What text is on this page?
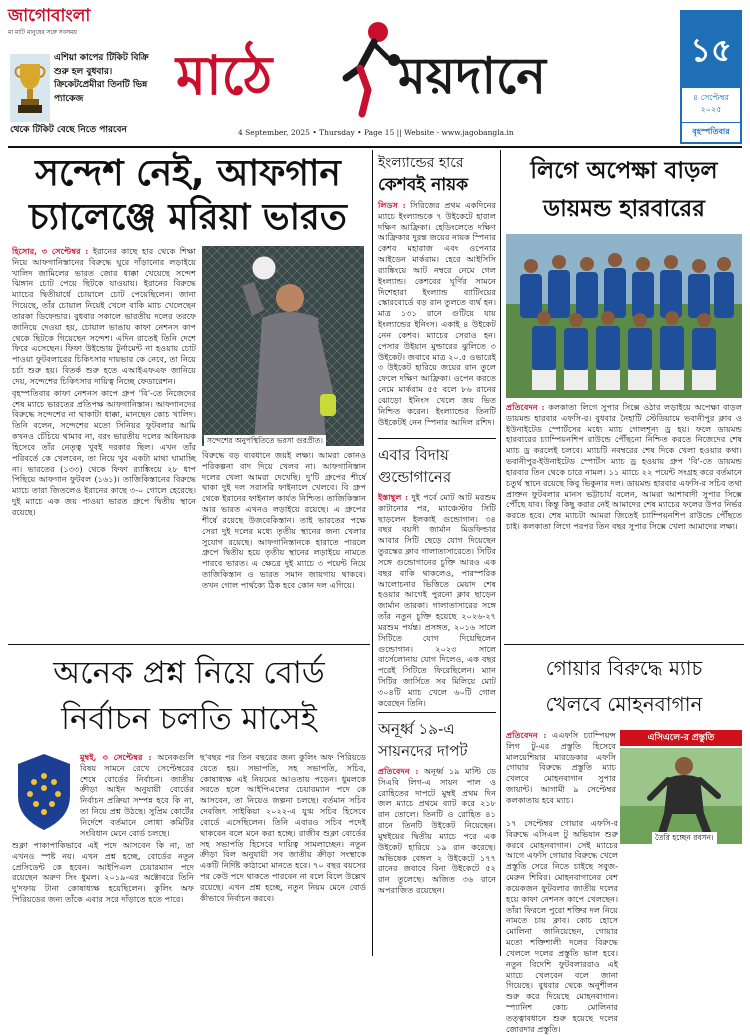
জাগোবাংলা
মা মাটি মানুষের সঙ্গে সবসময়
এশিয়া কাপের টিকিট বিক্রি শুরু হল বুধবার। ক্রিকেটপ্রেমীরা তিনটি ভিন্ন প্যাকেজ
থেকে টিকিট বেছে নিতে পারবেন
মাঠে	ময়দানে
4 September, 2025 • Thursday • Page 15 || Website - www.jagobangla.in
১৫
৪ সেপ্টেম্বর ২০২৫
বৃহস্পতিবার
সন্দেশ নেই, আফগান
চ্যালেঞ্জে মরিয়া ভারত

হিসোর, ৩ সেপ্টেম্বর : ইরানের কাছে হার থেকে শিক্ষা নিয়ে আফগানিস্তানের বিরুদ্ধে ঘুরে দাঁড়ানোর লড়াইয়ে খালিদ জামিলের ভারত জোর ধাক্কা খেয়েছে সন্দেশ ঝিঙ্গান চোট পেয়ে ছিটকে যাওয়ায়। ইরানের বিরুদ্ধে ম্যাচের দ্বিতীয়ার্ধে চোয়ালে চোট পেয়েছিলেন। জানা গিয়েছে, তাঁর চোয়াল নিয়েই খেলে বাকি ম্যাচ খেলেছেন তারকা ডিফেন্ডার। বুধবার সকালে ভারতীয় দলের তরফে জানিয়ে দেওয়া হয়, চোয়াল ভাঙায় কাফা নেশনস কাপ থেকে ছিটকে গিয়েছেন সন্দেশ। এদিন রাতেই তিনি দেশে ফিরে এসেছেন। ফিফা উইন্ডোয় টুর্নামেন্ট না হওয়ায় চোট পাওয়া ফুটবলারের চিকিৎসার দায়ভার কে নেবে, তা নিয়ে চর্চা শুরু হয়। বিতর্ক শুরু হতে এআইএফএফ জানিয়ে দেয়, সন্দেশের চিকিৎসার দায়িত্ব নিচ্ছে ফেডারেশন।

বৃহস্পতিবার কাফা নেশনস কাপে গ্রুপ 'বি'-তে নিজেদের শেষ ম্যাচে ভারতের প্রতিপক্ষ আফগানিস্তান। আফগানদের বিরুদ্ধে সন্দেশের না থাকাটা ধাক্কা, মানছেন কোচ খালিদ। তিনি বলেন, সন্দেশের মতো সিনিয়র ফুটবলার আমি কখনও চেঁচিয়ে থামাব না, বরং ভারতীয় দলের অধিনায়ক হিসেবে তাঁর নেতৃত্ব খুবই দরকার ছিল। এখন তাঁর পরিবর্তে কে খেলবেন, তা নিয়ে খুব একটা মাথা ঘামাচ্ছি না। ভারতের (১৩৩) থেকে ফিফা র‍্যাঙ্কিংয়ে ২৮ ধাপ পিছিয়ে আফগান ফুটবল (১৬১)। তাজিকিস্তানের বিরুদ্ধে ম্যাচে তারা জিতলেও ইরানের কাছে ৩-০ গোলে হেরেছে। দুই ম্যাচে এক জয় পাওয়া ভারত গ্রুপে দ্বিতীয় স্থানে রয়েছে।

সন্দেশের অনুপস্থিতিতে ভরসা গুরপ্রীত।
বিরুদ্ধে বড় ব্যবধানে জয়ই লক্ষ্য। আমরা কোনও পরিকল্পনা বাদ দিয়ে খেলব না। আফগানিস্তান দলের খেলা আমরা দেখেছি। দু'টি গ্রুপের শীর্ষে থাকা দুই দল সরাসরি ফাইনালে খেলবে। বি গ্রুপ থেকে ইরানের ফাইনাল কার্যত নিশ্চিত। তাজিকিস্তান আর ভারত এখনও লড়াইয়ে রয়েছে। এ গ্রুপের শীর্ষে রয়েছে উজবেকিস্তান। তাই ভারতের পক্ষে সেরা দুই দলের মধ্যে তৃতীয় স্থানের জন্য খেলার সুযোগ রয়েছে। আফগানিস্তানকে হারাতে পারলে গ্রুপে দ্বিতীয় হয়ে তৃতীয় স্থানের লড়াইয়ে নামতে পারবে ভারত। এ ক্ষেত্রে দুই ম্যাচে ৩ পয়েন্ট নিয়ে তাজিকিস্তান ও ভারত সমান জায়গায় থাকবে। তখন গোল পার্থক্যে ঠিক হবে কোন দল এগিয়ে।
অনেক প্রশ্ন নিয়ে বোর্ড
নির্বাচন চলতি মাসেই

মুম্বই, ৩ সেপ্টেম্বর : অনেকগুলি বিষয় সামনে রেখে সেপ্টেম্বরের শেষে বোর্ডের নির্বাচন। জাতীয় ক্রীড়া আইন অনুযায়ী বোর্ডের নির্বাচন প্রক্রিয়া সম্পন্ন হবে কি না, তা নিয়ে প্রশ্ন উঠছে। সুপ্রিম কোর্টের নির্দেশে বর্তমানে লোধা কমিটির সংবিধান মেনে বোর্ড চলছে।

শুক্লা পাকাপাকিভাবে এই পদে আসবেন কি না, তা এখনও স্পষ্ট নয়। এখন প্রশ্ন হচ্ছে, বোর্ডের নতুন প্রেসিডেন্ট কে হবেন। আইপিএল চেয়ারম্যান পদে রয়েছেন অরুণ সিং ধুমল। ২০১৯-এর অক্টোবরে তিনি দু'দফায় টানা কোষাধ্যক্ষ হয়েছিলেন। কুলিং অফ পিরিয়ডের জন্য তাঁকে এবার সরে দাঁড়াতে হতে পারে।
ছ'বছর পর তিন বছরের জন্য কুলিং অফ পিরিয়ডে যেতে হয়। সভাপতি, সহ সভাপতি, সচিব, কোষাধ্যক্ষ এই নিয়মের আওতায় পড়েন। ধুমলকে সরতে হলে আইপিএলের চেয়ারম্যান পদে কে আসবেন, তা নিয়েও জল্পনা চলছে। বর্তমান সচিব দেবজিৎ সাইকিয়া ২০২২-এ যুগ্ম সচিব হিসেবে বোর্ডে এসেছিলেন। তিনি এবারও সচিব পদেই থাকবেন বলে মনে করা হচ্ছে। রাজীব শুক্লা বোর্ডের সহ সভাপতি হিসেবে দায়িত্ব সামলাচ্ছেন। নতুন ক্রীড়া বিল অনুযায়ী সব জাতীয় ক্রীড়া সংস্থাকে একটি নির্দিষ্ট কাঠামো মানতে হবে। ৭০ বছর বয়সের পর কেউ পদে থাকতে পারবেন না বলে বিলে উল্লেখ রয়েছে। এখন প্রশ্ন হচ্ছে, নতুন নিয়ম মেনে বোর্ড কীভাবে নির্বাচন করবে।
ইংল্যান্ডের হারে
কেশবই নায়ক

লিডস : সিরিজের প্রথম একদিনের ম্যাচে ইংল্যান্ডকে ৭ উইকেটে হারাল দক্ষিণ আফ্রিকা। হেডিংলেতে দক্ষিণ আফ্রিকার দুরন্ত জয়ের নায়ক স্পিনার কেশব মহারাজ এবং ওপেনার আইডেন মার্করাম। হেরে আইসিসি র‍্যাঙ্কিংয়ে আট নম্বরে নেমে গেল ইংল্যান্ড। কেশবের ঘূর্ণির সামনে দিশেহারা ইংল্যান্ড ব্যাটিংয়ের স্কোরবোর্ডে বড় রান তুলতে ব্যর্থ হন। মাত্র ১৩১ রানে গুটিয়ে যায় ইংল্যান্ডের ইনিংস। একাই ৪ উইকেট নেন কেশব। ম্যাচের সেরাও হন। পেসার উইয়ান মুল্ডারের ঝুলিতে ৩ উইকেট। জবাবে মাত্র ২০.৫ ওভারেই ৩ উইকেট হারিয়ে জয়ের রান তুলে ফেলে দক্ষিণ আফ্রিকা। ওপেন করতে নেমে মার্করাম ৫৫ বলে ৮৬ রানের ঝোড়ো ইনিংস খেলে জয় ভিত নিশ্চিত করেন। ইংল্যান্ডের তিনটি উইকেটই নেন স্পিনার আদিল রশিদ।

এবার বিদায়
গুন্ডোগানের

ইস্তাম্বুল : দুই পর্বে মোট আট মরশুম কাটানোর পর, ম্যাঞ্চেস্টার সিটি ছাড়লেন ইলকাই গুন্ডোগান। ৩৪ বছর বয়সী জার্মান মিডফিল্ডার আবার সিটি ছেড়ে যোগ দিয়েছেন তুরস্কের ক্লাব গালাতাসারেতে। সিটির সঙ্গে গুন্ডোগানের চুক্তি আরও এক বছর বাকি থাকলেও, পারস্পরিক আলোচনার ভিত্তিতে মেয়াদ শেষ হওয়ার আগেই পুরনো ক্লাব ছাড়েন জার্মান তারকা। গালাতাসারের সঙ্গে তাঁর নতুন চুক্তি হয়েছে ২০২৬-২৭ মরশুম পর্যন্ত। প্রসঙ্গত, ২০১৬ সালে সিটিতে যোগ দিয়েছিলেন গুন্ডোগান। ২০২৩ সালে বার্সেলোনায় যোগ দিলেও, এক বছর পরেই সিটিতে ফিরেছিলেন। ম্যান সিটির জার্সিতে সব মিলিয়ে মোট ৩০৪টি ম্যাচ খেলে ৬০টি গোল করেছেন তিনি।

অনূর্ধ্ব ১৯-এ
সায়নদের দাপট

প্রতিবেদন : অনূর্ধ্ব ১৯ মাল্টি ডে সিএবি লিগ-এ সায়ন পাল ও রোহিতের দাপটে মুম্বই প্রথম দিন জল ম্যাচে প্রথমে ব্যাট করে ২১৮ রান তোলে। তিনটি ও রোহিত ৪১ রানে তিনটি উইকেট নিয়েছেন। মুম্বইয়ের দ্বিতীয় ম্যাচে পরে এক উইকেট হারিয়ে ১৯ রান করেছে। অভিষেক বেঙ্গল ২ উইকেটে ১৭৭ রানের জবাবে বিনা উইকেটে ৫২ রান তুলেছে। অজিত ৩৬ রানে অপরাজিত রয়েছেন।

লিগে অপেক্ষা বাড়ল
ডায়মন্ড হারবারের

প্রতিবেদন : কলকাতা লিগে সুপার সিক্সে ওঠার লড়াইয়ে অপেক্ষা বাড়ল ডায়মন্ড হারবার এফসি-র। বুধবার নৈহাটি স্টেডিয়ামে ভবানীপুর ক্লাব ও ইউনাইটেড স্পোর্টসের মধ্যে ম্যাচ গোলশূন্য ড্র হয়। ফলে ডায়মন্ড হারবারের চ্যাম্পিয়নশিপ রাউন্ডে পৌঁছনো নিশ্চিত করতে নিজেদের শেষ ম্যাচ ড্র করলেই চলবে। ম্যাচটি নবম্বরের শেষ দিকে খেলা হওয়ার কথা। ভবানীপুর-ইউনাইটেড স্পোর্টস ম্যাচ ড্র হওয়ায় গ্রুপ 'বি'-তে ডায়মন্ড হারবার তিন থেকে চারে নামল। ১১ ম্যাচে ২২ পয়েন্ট সংগ্রহ করে বর্তমানে চতুর্থ স্থানে রয়েছে কিবু ভিকুনার দল। ডায়মন্ড হারবার এফসি-র সচিব তথা প্রাক্তন ফুটবলার মানস ভট্টাচার্য বলেন, আমরা আশাবাদী সুপার সিক্সে পৌঁছে যাব। কিন্তু কিছু করার নেই আমাদের শেষ ম্যাচের ফলের উপর নির্ভর করতে হবে। শেষ ম্যাচটা আমরা জিতেই চ্যাম্পিয়নশিপ রাউন্ডে পৌঁছতে চাই। কলকাতা লিগে পরপর তিন বছর সুপার সিক্সে খেলা আমাদের লক্ষ্য।

গোয়ার বিরুদ্ধে ম্যাচ
খেলবে মোহনবাগান

প্রতিবেদন : এএফসি চ্যাম্পিয়ন্স লিগ টু-এর প্রস্তুতি হিসেবে মালয়েশিয়ার মারডেকার এফসি গোয়ার বিরুদ্ধে প্রস্তুতি ম্যাচ খেলবে মোহনবাগান সুপার জায়ান্ট। আগামী ৯ সেপ্টেম্বর কলকাতায় হবে ম্যাচ।

এসিএলে-র প্রস্তুতি
তৈরি হচ্ছেন রবসন।
১৭ সেপ্টেম্বর গোয়ার এফসি-র বিরুদ্ধে এসিএল টু অভিযান শুরু করবে মোহনবাগান। সেই ম্যাচের আগে এফসি গোয়ার বিরুদ্ধে খেলে প্রস্তুতি সেরে নিতে চাইছে সবুজ-মেরুন শিবির। মোহনবাগানের বেশ কয়েকজন ফুটবলার জাতীয় দলের হয়ে কাফা নেশনস কাপে খেলছেন। তাঁরা ফিরলে পুরো শক্তির দল নিয়ে নামতে চায় ক্লাব। কোচ হোসে মোলিনা জানিয়েছেন, গোয়ার মতো শক্তিশালী দলের বিরুদ্ধে খেললে দলের প্রস্তুতি ভাল হবে। নতুন বিদেশি ফুটবলাররাও এই ম্যাচে খেলবেন বলে জানা গিয়েছে। বুধবার থেকে অনুশীলন শুরু করে দিয়েছে মোহনবাগান। স্প্যানিশ কোচ মোলিনার তত্ত্বাবধানে শুরু হয়েছে দলের জোরদার প্রস্তুতি।
